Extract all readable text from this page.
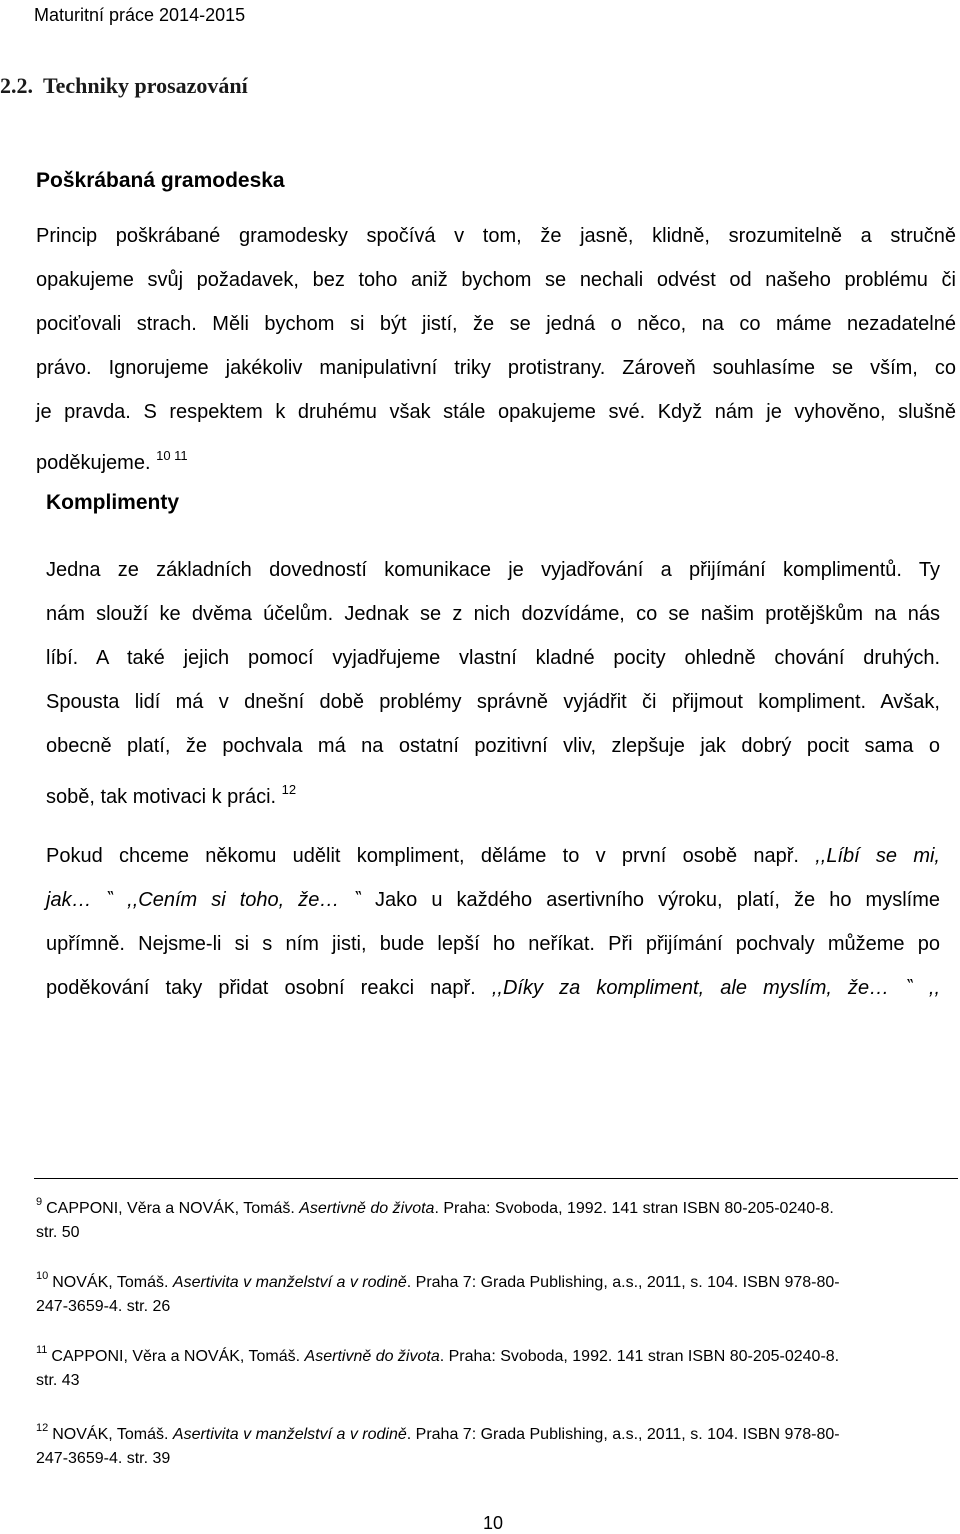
Maturitní práce 2014-2015
2.2. Techniky prosazování
Poškrábaná gramodeska
Princip poškrábané gramodesky spočívá v tom, že jasně, klidně, srozumitelně a stručně
opakujeme svůj požadavek, bez toho aniž bychom se nechali odvést od našeho problému či
pociťovali strach. Měli bychom si být jistí, že se jedná o něco, na co máme nezadatelné
právo. Ignorujeme jakékoliv manipulativní triky protistrany. Zároveň souhlasíme se vším, co
je pravda. S respektem k druhému však stále opakujeme své. Když nám je vyhověno, slušně
poděkujeme. $^{10 11}$
Komplimenty
Jedna ze základních dovedností komunikace je vyjadřování a přijímání komplimentů. Ty
nám slouží ke dvěma účelům. Jednak se z nich dozvídáme, co se našim protějškům na nás
líbí. A také jejich pomocí vyjadřujeme vlastní kladné pocity ohledně chování druhých.
Spousta lidí má v dnešní době problémy správně vyjádřit či přijmout kompliment. Avšak,
obecně platí, že pochvala má na ostatní pozitivní vliv, zlepšuje jak dobrý pocit sama o
sobě, tak motivaci k práci. $^{12}$
Pokud chceme někomu udělit kompliment, děláme to v první osobě např. ,,Líbí se mi,
jak… ‶ ,,Cením si toho, že… ‶ Jako u každého asertivního výroku, platí, že ho myslíme
upřímně. Nejsme-li si s ním jisti, bude lepší ho neříkat. Při přijímání pochvaly můžeme po
poděkování taky přidat osobní reakci např. ,,Díky za kompliment, ale myslím, že… ‶ ,,
$^9$ CAPPONI, Věra a NOVÁK, Tomáš. Asertivně do života. Praha: Svoboda, 1992. 141 stran ISBN 80-205-0240-8.
str. 50
$^{10}$ NOVÁK, Tomáš. Asertivita v manželství a v rodině. Praha 7: Grada Publishing, a.s., 2011, s. 104. ISBN 978-80-
247-3659-4. str. 26
$^{11}$ CAPPONI, Věra a NOVÁK, Tomáš. Asertivně do života. Praha: Svoboda, 1992. 141 stran ISBN 80-205-0240-8.
str. 43
$^{12}$ NOVÁK, Tomáš. Asertivita v manželství a v rodině. Praha 7: Grada Publishing, a.s., 2011, s. 104. ISBN 978-80-
247-3659-4. str. 39
10
